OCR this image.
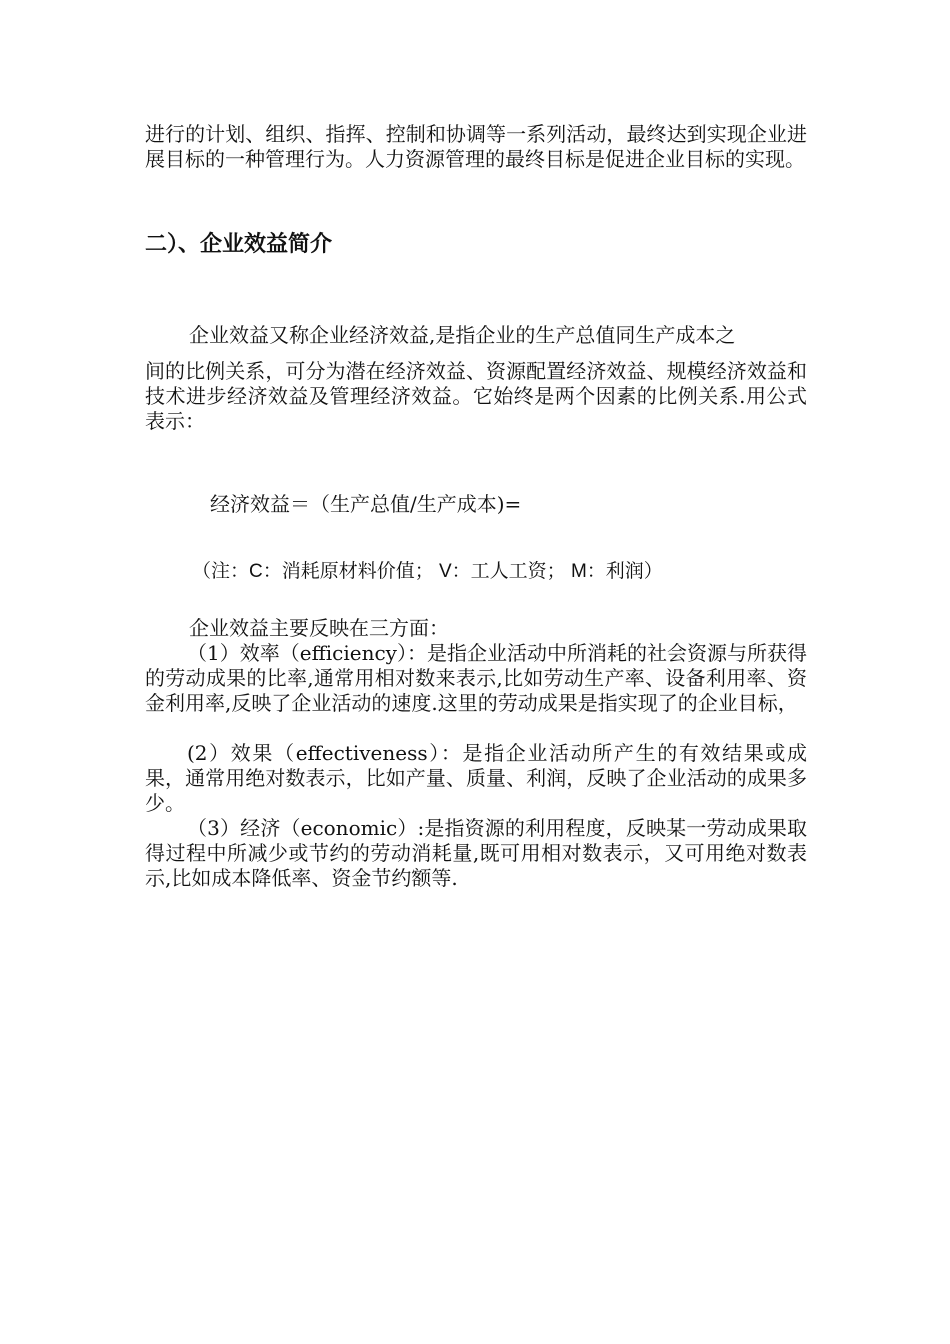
进行的计划、组织、指挥、控制和协调等一系列活动，最终达到实现企业进展目标的一种管理行为。人力资源管理的最终目标是促进企业目标的实现。

二）、企业效益简介

企业效益又称企业经济效益,是指企业的生产总值同生产成本之

间的比例关系，可分为潜在经济效益、资源配置经济效益、规模经济效益和技术进步经济效益及管理经济效益。它始终是两个因素的比例关系.用公式表示：

经济效益＝（生产总值/生产成本)=

（注：C：消耗原材料价值； V：工人工资； M：利润）

企业效益主要反映在三方面：

（1）效率（efficiency）：是指企业活动中所消耗的社会资源与所获得的劳动成果的比率,通常用相对数来表示,比如劳动生产率、设备利用率、资金利用率,反映了企业活动的速度.这里的劳动成果是指实现了的企业目标，

(2）效果（effectiveness）：是指企业活动所产生的有效结果或成果，通常用绝对数表示，比如产量、质量、利润，反映了企业活动的成果多少。

（3）经济（economic）:是指资源的利用程度，反映某一劳动成果取得过程中所减少或节约的劳动消耗量,既可用相对数表示，又可用绝对数表示,比如成本降低率、资金节约额等.
